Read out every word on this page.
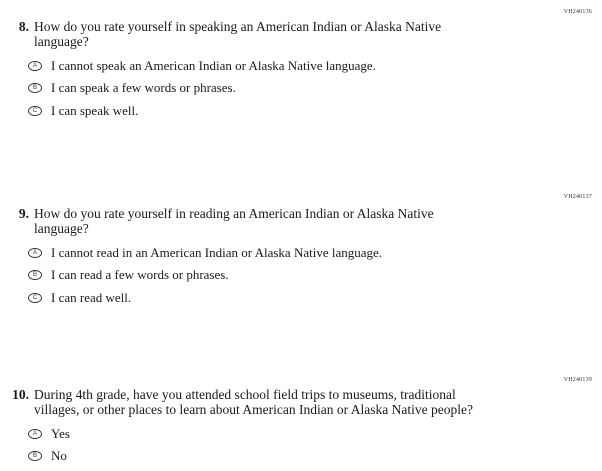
VH240136
8. How do you rate yourself in speaking an American Indian or Alaska Native language?
A	I cannot speak an American Indian or Alaska Native language.
B	I can speak a few words or phrases.
C	I can speak well.
VH240137
9. How do you rate yourself in reading an American Indian or Alaska Native language?
A	I cannot read in an American Indian or Alaska Native language.
B	I can read a few words or phrases.
C	I can read well.
VH240139
10. During 4th grade, have you attended school field trips to museums, traditional villages, or other places to learn about American Indian or Alaska Native people?
A	Yes
B	No
